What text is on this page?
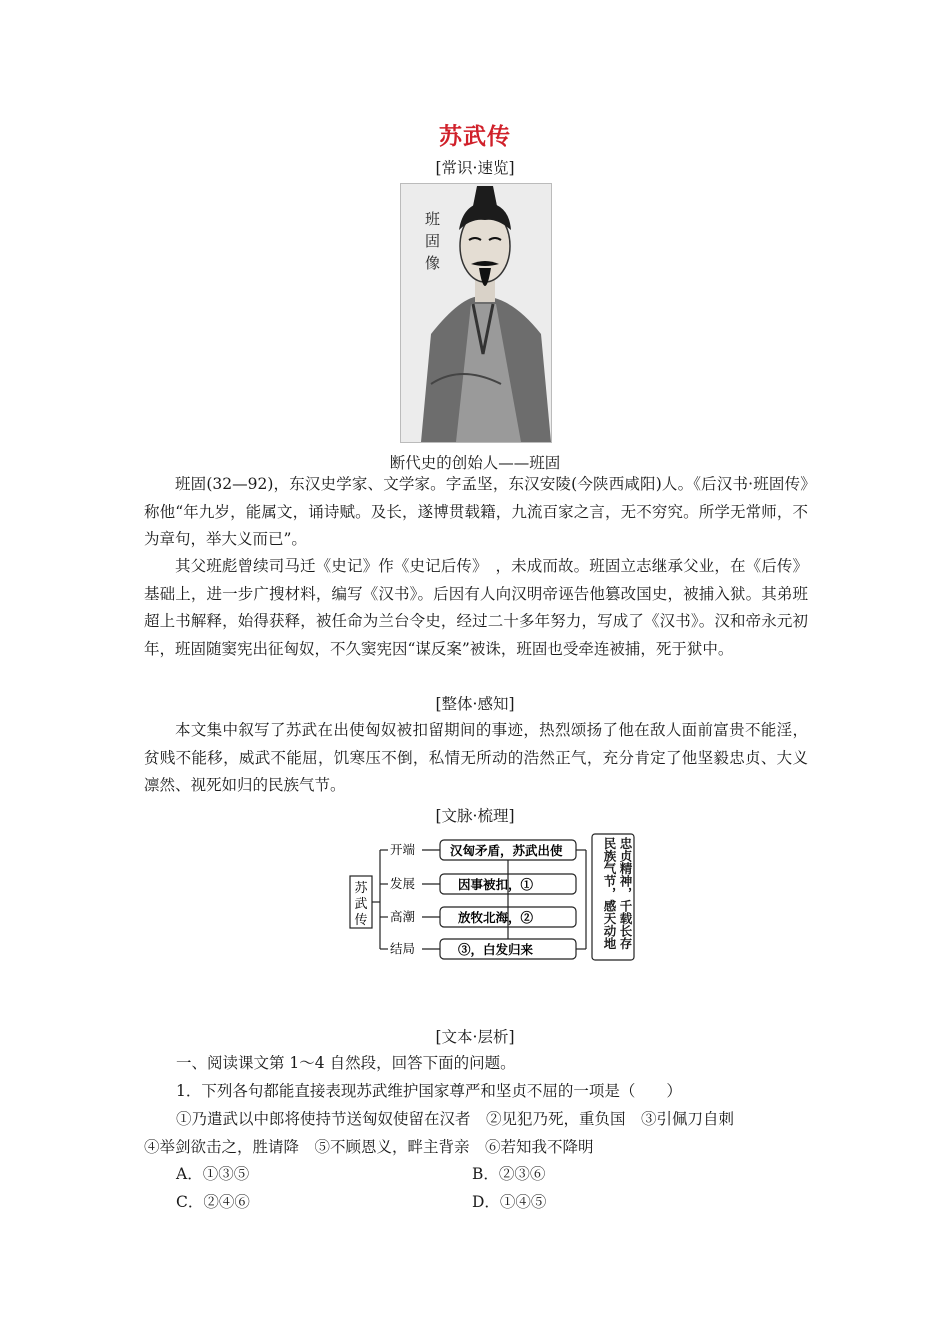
苏武传
[常识·速览]
班
固
像
断代史的创始人——班固

班固(32—92)，东汉史学家、文学家。字孟坚，东汉安陵(今陕西咸阳)人。《后汉书·班固传》称他“年九岁，能属文，诵诗赋。及长，遂博贯载籍，九流百家之言，无不穷究。所学无常师，不为章句，举大义而已”。

其父班彪曾续司马迁《史记》作《史记后传》　，未成而故。班固立志继承父业，在《后传》基础上，进一步广搜材料，编写《汉书》。后因有人向汉明帝诬告他篡改国史，被捕入狱。其弟班超上书解释，始得获释，被任命为兰台令史，经过二十多年努力，写成了《汉书》。汉和帝永元初年，班固随窦宪出征匈奴，不久窦宪因“谋反案”被诛，班固也受牵连被捕，死于狱中。

[整体·感知]

本文集中叙写了苏武在出使匈奴被扣留期间的事迹，热烈颂扬了他在敌人面前富贵不能淫，贫贱不能移，威武不能屈，饥寒压不倒，私情无所动的浩然正气，充分肯定了他坚毅忠贞、大义凛然、视死如归的民族气节。

[文脉·梳理]
苏
武
传
开端
发展
高潮
结局
汉匈矛盾，苏武出使
因事被扣，①
放牧北海，②
③，白发归来	忠贞精神，千载长存
民族气节，感天动地
[文本·层析]
一、阅读课文第 1～4 自然段，回答下面的问题。
1．下列各句都能直接表现苏武维护国家尊严和坚贞不屈的一项是（　　）
①乃遣武以中郎将使持节送匈奴使留在汉者　②见犯乃死，重负国　③引佩刀自刺
④举剑欲击之，胜请降　⑤不顾恩义，畔主背亲　⑥若知我不降明
A．①③⑤	B．②③⑥
C．②④⑥	D．①④⑤
